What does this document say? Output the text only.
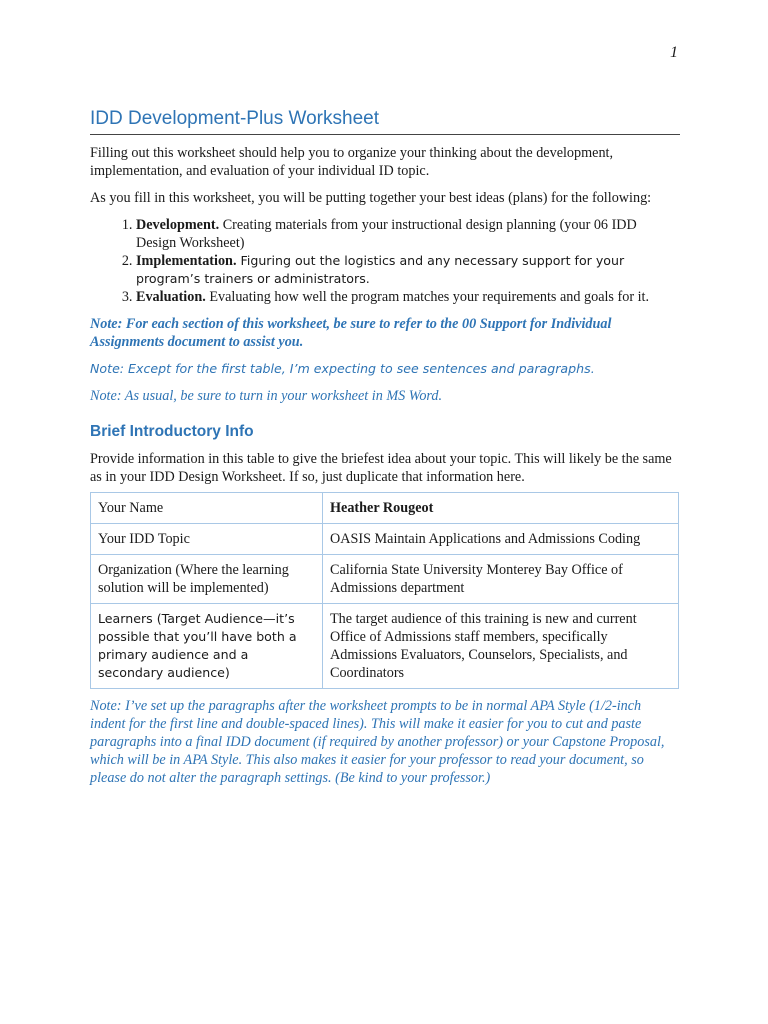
1
IDD Development-Plus Worksheet

Filling out this worksheet should help you to organize your thinking about the development, implementation, and evaluation of your individual ID topic.

As you fill in this worksheet, you will be putting together your best ideas (plans) for the following:

1. Development. Creating materials from your instructional design planning (your 06 IDD Design Worksheet)
2. Implementation. Figuring out the logistics and any necessary support for your program’s trainers or administrators.
3. Evaluation. Evaluating how well the program matches your requirements and goals for it.

Note: For each section of this worksheet, be sure to refer to the 00 Support for Individual Assignments document to assist you.

Note: Except for the first table, I’m expecting to see sentences and paragraphs.

Note: As usual, be sure to turn in your worksheet in MS Word.

Brief Introductory Info

Provide information in this table to give the briefest idea about your topic. This will likely be the same as in your IDD Design Worksheet. If so, just duplicate that information here.

Your Name	Heather Rougeot
Your IDD Topic	OASIS Maintain Applications and Admissions Coding
Organization (Where the learning solution will be implemented)	California State University Monterey Bay Office of Admissions department
Learners (Target Audience—it’s possible that you’ll have both a primary audience and a secondary audience)	The target audience of this training is new and current Office of Admissions staff members, specifically Admissions Evaluators, Counselors, Specialists, and Coordinators

Note: I’ve set up the paragraphs after the worksheet prompts to be in normal APA Style (1/2-inch indent for the first line and double-spaced lines). This will make it easier for you to cut and paste paragraphs into a final IDD document (if required by another professor) or your Capstone Proposal, which will be in APA Style. This also makes it easier for your professor to read your document, so please do not alter the paragraph settings. (Be kind to your professor.)
